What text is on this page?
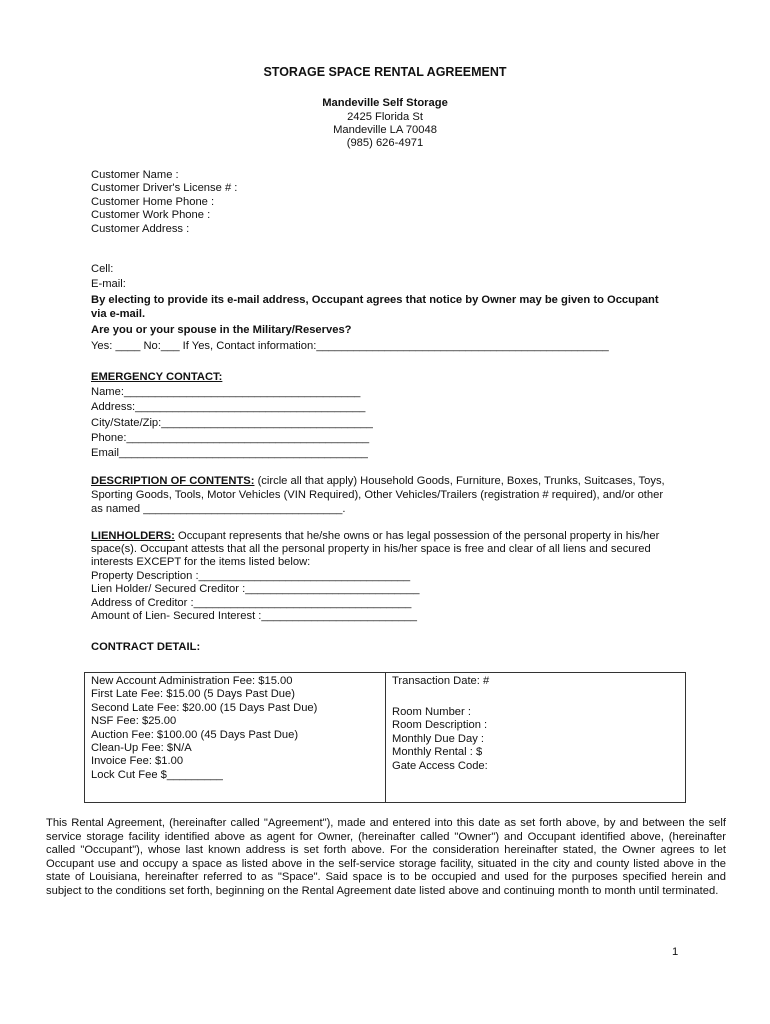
STORAGE SPACE RENTAL AGREEMENT
Mandeville Self Storage
2425 Florida St
Mandeville LA 70048
(985) 626-4971
Customer Name :
Customer Driver's License # :
Customer Home Phone :
Customer Work Phone :
Customer Address :
Cell:
E-mail:
By electing to provide its e-mail address, Occupant agrees that notice by Owner may be given to Occupant
via e-mail.
Are you or your spouse in the Military/Reserves?
Yes: ____ No:___ If Yes, Contact information:_______________________________________________
EMERGENCY CONTACT:
Name:______________________________________
Address:_____________________________________
City/State/Zip:__________________________________
Phone:_______________________________________
Email________________________________________
DESCRIPTION OF CONTENTS: (circle all that apply) Household Goods, Furniture, Boxes, Trunks, Suitcases, Toys,
Sporting Goods, Tools, Motor Vehicles (VIN Required), Other Vehicles/Trailers (registration # required), and/or other
as named ________________________________.
LIENHOLDERS: Occupant represents that he/she owns or has legal possession of the personal property in his/her
space(s). Occupant attests that all the personal property in his/her space is free and clear of all liens and secured
interests EXCEPT for the items listed below:
Property Description :__________________________________
Lien Holder/ Secured Creditor :____________________________
Address of Creditor :___________________________________
Amount of Lien- Secured Interest :_________________________
CONTRACT DETAIL:
New Account Administration Fee: $15.00
First Late Fee: $15.00 (5 Days Past Due)
Second Late Fee: $20.00 (15 Days Past Due)
NSF Fee: $25.00
Auction Fee: $100.00 (45 Days Past Due)
Clean-Up Fee: $N/A
Invoice Fee: $1.00
Lock Cut Fee $_________
Transaction Date: #
Room Number :
Room Description :
Monthly Due Day :
Monthly Rental : $
Gate Access Code:
This Rental Agreement, (hereinafter called "Agreement"), made and entered into this date as set forth above, by and between the self service storage facility identified above as agent for Owner, (hereinafter called "Owner") and Occupant identified above, (hereinafter called "Occupant"), whose last known address is set forth above. For the consideration hereinafter stated, the Owner agrees to let Occupant use and occupy a space as listed above in the self-service storage facility, situated in the city and county listed above in the state of Louisiana, hereinafter referred to as "Space". Said space is to be occupied and used for the purposes specified herein and subject to the conditions set forth, beginning on the Rental Agreement date listed above and continuing month to month until terminated.
1
